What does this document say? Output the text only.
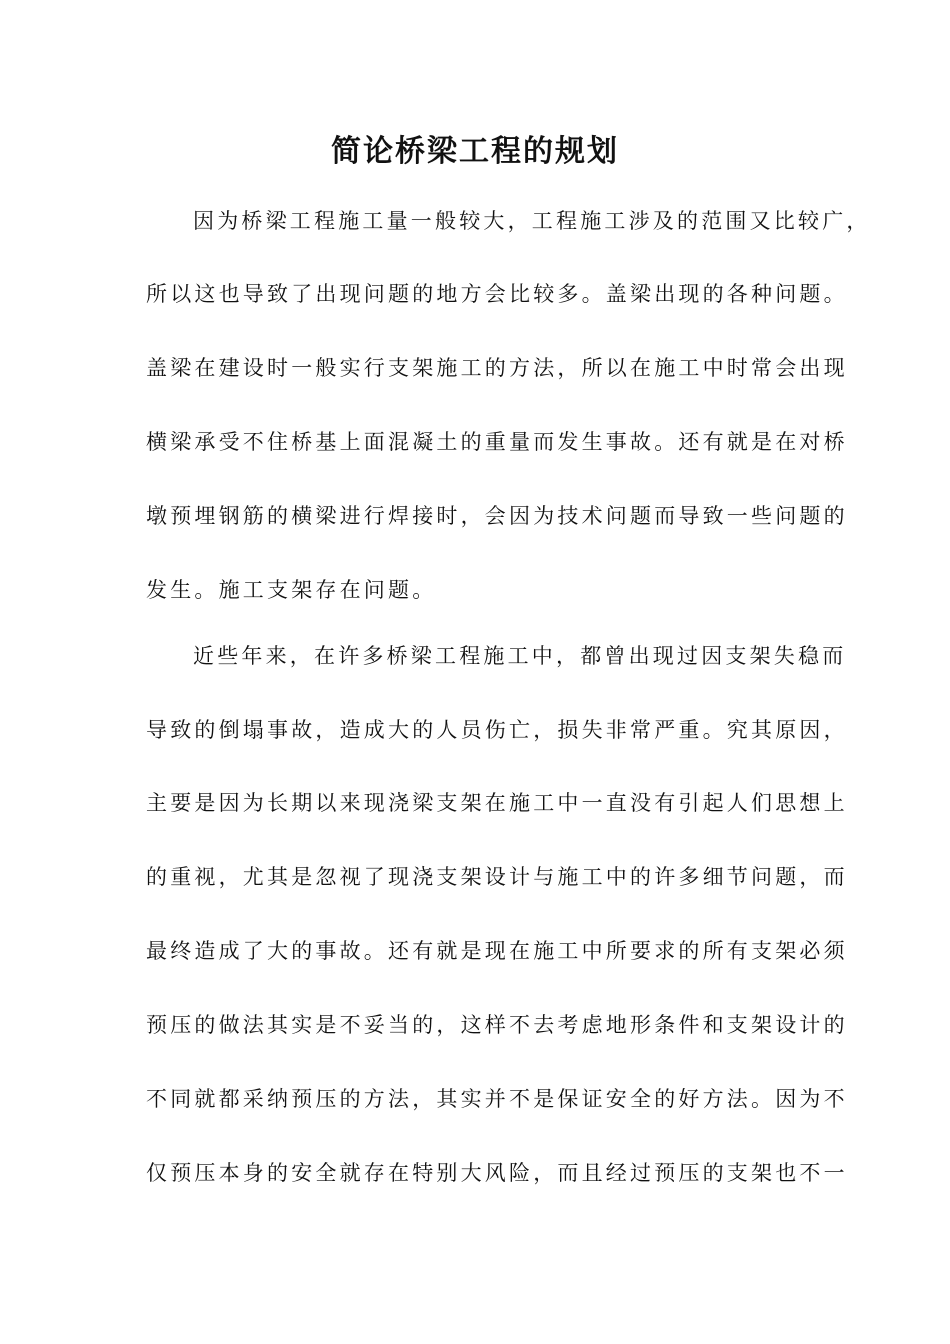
简论桥梁工程的规划

因为桥梁工程施工量一般较大，工程施工涉及的范围又比较广，

所以这也导致了出现问题的地方会比较多。盖梁出现的各种问题。

盖梁在建设时一般实行支架施工的方法，所以在施工中时常会出现

横梁承受不住桥基上面混凝土的重量而发生事故。还有就是在对桥

墩预埋钢筋的横梁进行焊接时，会因为技术问题而导致一些问题的

发生。施工支架存在问题。

近些年来，在许多桥梁工程施工中，都曾出现过因支架失稳而

导致的倒塌事故，造成大的人员伤亡，损失非常严重。究其原因，

主要是因为长期以来现浇梁支架在施工中一直没有引起人们思想上

的重视，尤其是忽视了现浇支架设计与施工中的许多细节问题，而

最终造成了大的事故。还有就是现在施工中所要求的所有支架必须

预压的做法其实是不妥当的，这样不去考虑地形条件和支架设计的

不同就都采纳预压的方法，其实并不是保证安全的好方法。因为不

仅预压本身的安全就存在特别大风险，而且经过预压的支架也不一
